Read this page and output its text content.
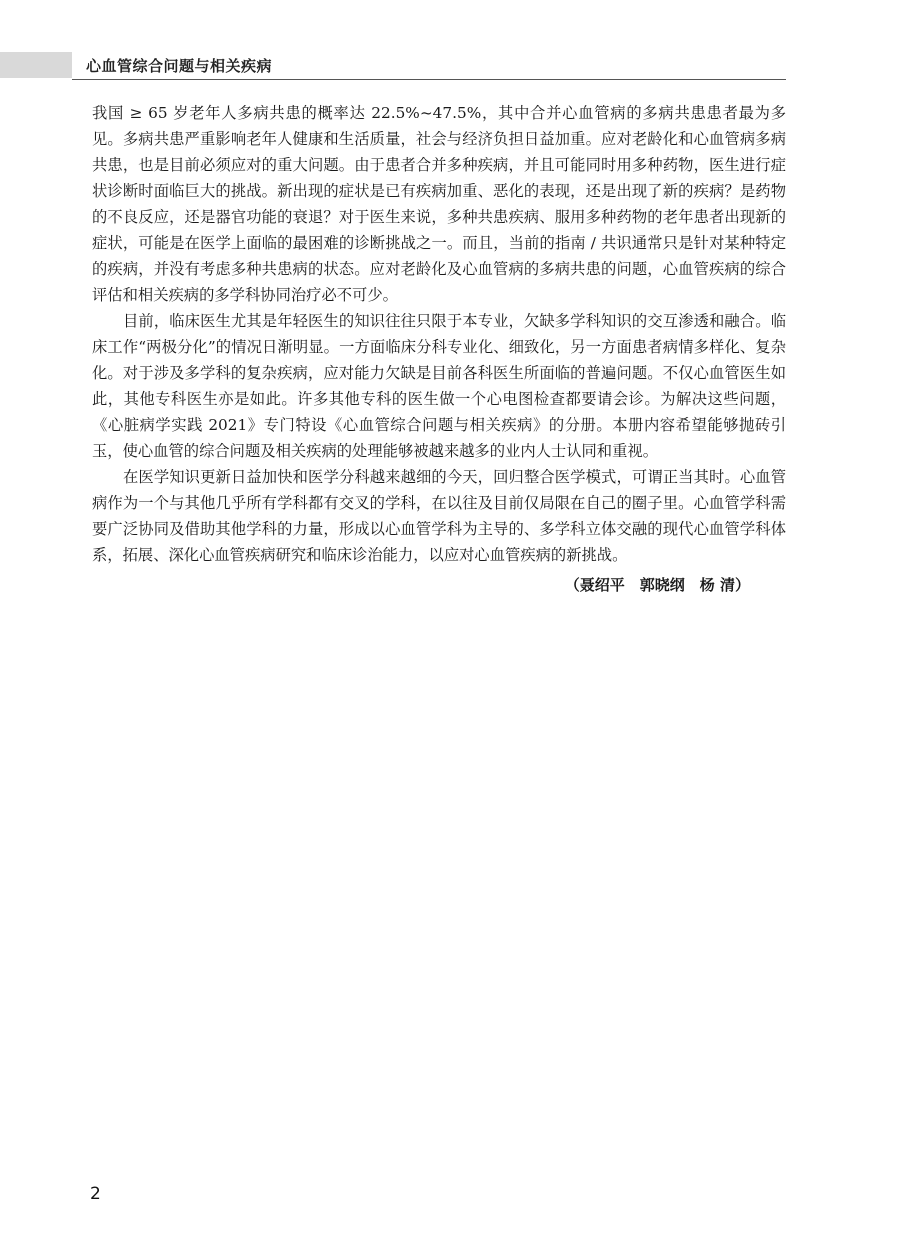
心血管综合问题与相关疾病

我国 ≥ 65 岁老年人多病共患的概率达 22.5%~47.5%，其中合并心血管病的多病共患患者最为多见。多病共患严重影响老年人健康和生活质量，社会与经济负担日益加重。应对老龄化和心血管病多病共患，也是目前必须应对的重大问题。由于患者合并多种疾病，并且可能同时用多种药物，医生进行症状诊断时面临巨大的挑战。新出现的症状是已有疾病加重、恶化的表现，还是出现了新的疾病？是药物的不良反应，还是器官功能的衰退？对于医生来说，多种共患疾病、服用多种药物的老年患者出现新的症状，可能是在医学上面临的最困难的诊断挑战之一。而且，当前的指南 / 共识通常只是针对某种特定的疾病，并没有考虑多种共患病的状态。应对老龄化及心血管病的多病共患的问题，心血管疾病的综合评估和相关疾病的多学科协同治疗必不可少。

目前，临床医生尤其是年轻医生的知识往往只限于本专业，欠缺多学科知识的交互渗透和融合。临床工作“两极分化”的情况日渐明显。一方面临床分科专业化、细致化，另一方面患者病情多样化、复杂化。对于涉及多学科的复杂疾病，应对能力欠缺是目前各科医生所面临的普遍问题。不仅心血管医生如此，其他专科医生亦是如此。许多其他专科的医生做一个心电图检查都要请会诊。为解决这些问题，《心脏病学实践 2021》专门特设《心血管综合问题与相关疾病》的分册。本册内容希望能够抛砖引玉，使心血管的综合问题及相关疾病的处理能够被越来越多的业内人士认同和重视。

在医学知识更新日益加快和医学分科越来越细的今天，回归整合医学模式，可谓正当其时。心血管病作为一个与其他几乎所有学科都有交叉的学科，在以往及目前仅局限在自己的圈子里。心血管学科需要广泛协同及借助其他学科的力量，形成以心血管学科为主导的、多学科立体交融的现代心血管学科体系，拓展、深化心血管疾病研究和临床诊治能力，以应对心血管疾病的新挑战。

（聂绍平　郭晓纲　杨 清）
2
